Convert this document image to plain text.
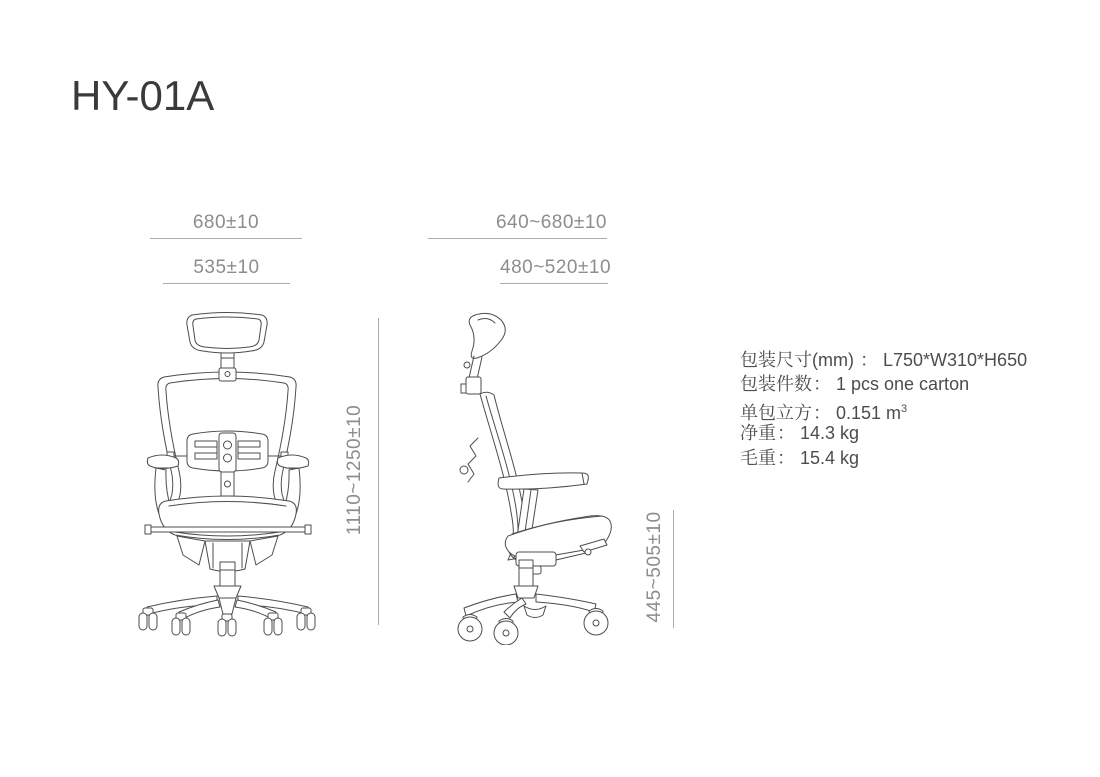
HY-01A
680±10
535±10
640~680±10
480~520±10
1110~1250±10
445~505±10
包装尺寸(mm) ： L750*W310*H650
包装件数： 1 pcs one carton
单包立方： 0.151 $m^3$
净重： 14.3 kg
毛重： 15.4 kg
